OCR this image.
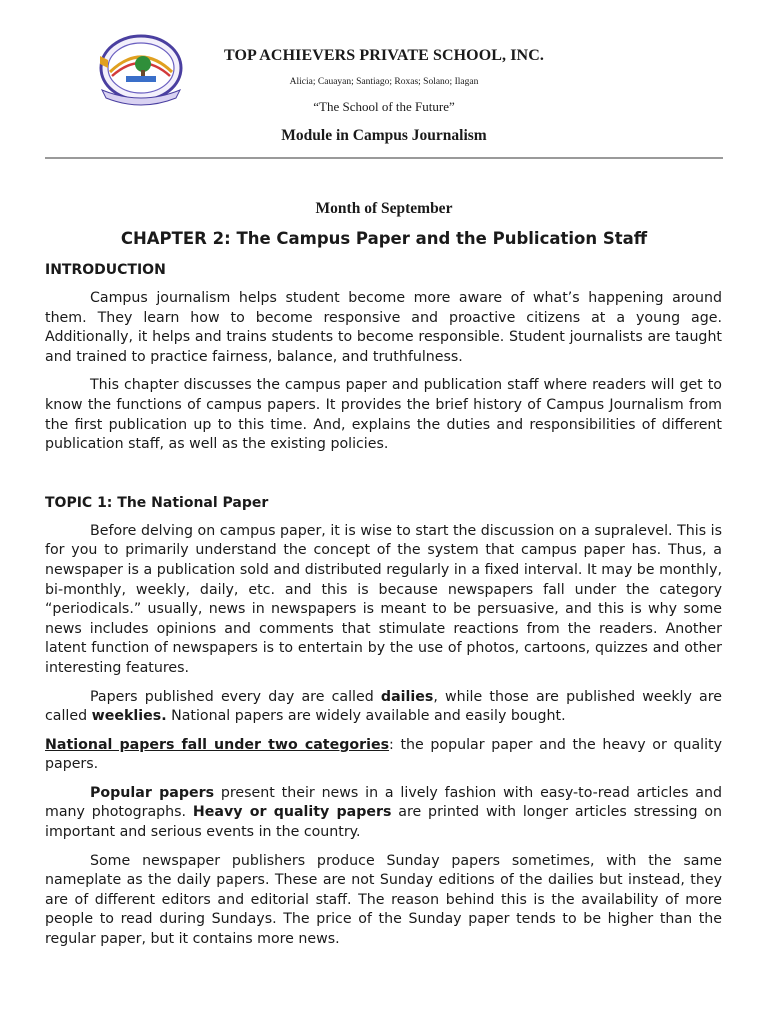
TOP ACHIEVERS PRIVATE SCHOOL, INC.
Alicia; Cauayan; Santiago; Roxas; Solano; Ilagan
“The School of the Future”
Module in Campus Journalism
Month of September
CHAPTER 2: The Campus Paper and the Publication Staff
INTRODUCTION

Campus journalism helps student become more aware of what’s happening around them. They learn how to become responsive and proactive citizens at a young age. Additionally, it helps and trains students to become responsible. Student journalists are taught and trained to practice fairness, balance, and truthfulness.

This chapter discusses the campus paper and publication staff where readers will get to know the functions of campus papers. It provides the brief history of Campus Journalism from the first publication up to this time. And, explains the duties and responsibilities of different publication staff, as well as the existing policies.

TOPIC 1: The National Paper

Before delving on campus paper, it is wise to start the discussion on a supralevel. This is for you to primarily understand the concept of the system that campus paper has. Thus, a newspaper is a publication sold and distributed regularly in a fixed interval. It may be monthly, bi-monthly, weekly, daily, etc. and this is because newspapers fall under the category “periodicals.” usually, news in newspapers is meant to be persuasive, and this is why some news includes opinions and comments that stimulate reactions from the readers. Another latent function of newspapers is to entertain by the use of photos, cartoons, quizzes and other interesting features.

Papers published every day are called dailies, while those are published weekly are called weeklies. National papers are widely available and easily bought.

National papers fall under two categories: the popular paper and the heavy or quality papers.

Popular papers present their news in a lively fashion with easy-to-read articles and many photographs. Heavy or quality papers are printed with longer articles stressing on important and serious events in the country.

Some newspaper publishers produce Sunday papers sometimes, with the same nameplate as the daily papers. These are not Sunday editions of the dailies but instead, they are of different editors and editorial staff. The reason behind this is the availability of more people to read during Sundays. The price of the Sunday paper tends to be higher than the regular paper, but it contains more news.
